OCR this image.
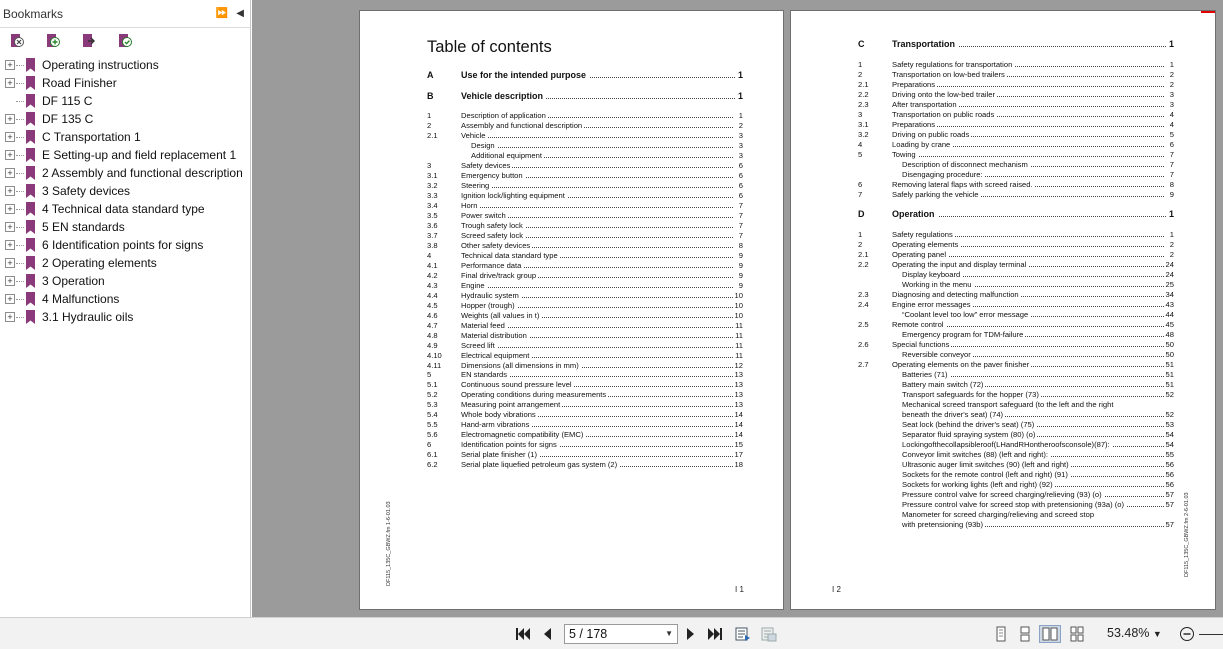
Bookmarks	⏩ ◀
+ Operating instructions
+ Road Finisher
DF 115 C
+ DF 135 C
+ C Transportation 1
+ E Setting-up and field replacement 1
+ 2 Assembly and functional description
+ 3 Safety devices
+ 4 Technical data standard type
+ 5 EN standards
+ 6 Identification points for signs
+ 2 Operating elements
+ 3 Operation
+ 4 Malfunctions
+ 3.1 Hydraulic oils
Table of contents
A	Use for the intended purpose	1
B	Vehicle description	1
1	Description of application	1
2	Assembly and functional description	2
2.1	Vehicle	3
Design	3
Additional equipment	3
3	Safety devices	6
3.1	Emergency button	6
3.2	Steering	6
3.3	Ignition lock/lighting equipment	6
3.4	Horn	7
3.5	Power switch	7
3.6	Trough safety lock	7
3.7	Screed safety lock	7
3.8	Other safety devices	8
4	Technical data standard type	9
4.1	Performance data	9
4.2	Final drive/track group	9
4.3	Engine	9
4.4	Hydraulic system	10
4.5	Hopper (trough)	10
4.6	Weights (all values in t)	10
4.7	Material feed	11
4.8	Material distribution	11
4.9	Screed lift	11
4.10	Electrical equipment	11
4.11	Dimensions (all dimensions in mm)	12
5	EN standards	13
5.1	Continuous sound pressure level	13
5.2	Operating conditions during measurements	13
5.3	Measuring point arrangement	13
5.4	Whole body vibrations	14
5.5	Hand-arm vibrations	14
5.6	Electromagnetic compatibility (EMC)	14
6	Identification points for signs	15
6.1	Serial plate finisher (1)	17
6.2	Serial plate liquefied petroleum gas system (2)	18
DF115_135C_GBWZ.fm 1-6-01.03
I 1
C	Transportation	1
1	Safety regulations for transportation	1
2	Transportation on low-bed trailers	2
2.1	Preparations	2
2.2	Driving onto the low-bed trailer	3
2.3	After transportation	3
3	Transportation on public roads	4
3.1	Preparations	4
3.2	Driving on public roads	5
4	Loading by crane	6
5	Towing	7
Description of disconnect mechanism	7
Disengaging procedure:	7
6	Removing lateral flaps with screed raised.	8
7	Safely parking the vehicle	9
D	Operation	1
1	Safety regulations	1
2	Operating elements	2
2.1	Operating panel	2
2.2	Operating the input and display terminal	24
Display keyboard	24
Working in the menu	25
2.3	Diagnosing and detecting malfunction	34
2.4	Engine error messages	43
“Coolant level too low” error message	44
2.5	Remote control	45
Emergency program for TDM-failure	48
2.6	Special functions	50
Reversible conveyor	50
2.7	Operating elements on the paver finisher	51
Batteries (71)	51
Battery main switch (72)	51
Transport safeguards for the hopper (73)	52
Mechanical screed transport safeguard (to the left and the right
beneath the driver's seat) (74)	52
Seat lock (behind the driver's seat) (75)	53
Separator fluid spraying system (80) (o)	54
Lockingofthecollapsibleroof(LHandRHontheroofsconsole)(87):	54
Conveyor limit switches (88) (left and right):	55
Ultrasonic auger limit switches (90) (left and right)	56
Sockets for the remote control (left and right) (91)	56
Sockets for working lights (left and right) (92)	56
Pressure control valve for screed charging/relieving (93) (o)	57
Pressure control valve for screed stop with pretensioning (93a) (o)	57
Manometer for screed charging/relieving and screed stop
with pretensioning (93b)	57 DF115_135C_GBWZ.fm 2-6-01.03
I 2
5 / 178	▼	53.48% ▼
